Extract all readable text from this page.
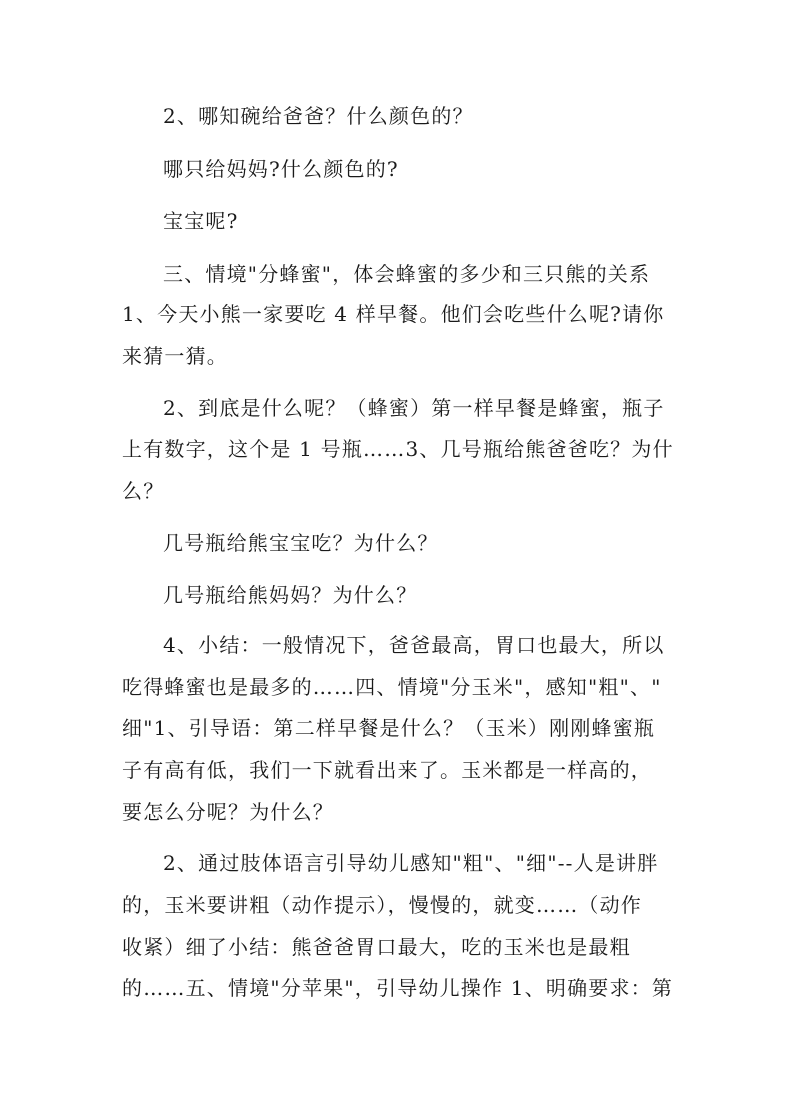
2、哪知碗给爸爸？什么颜色的？
哪只给妈妈?什么颜色的?
宝宝呢?
三、情境"分蜂蜜"，体会蜂蜜的多少和三只熊的关系
1、今天小熊一家要吃 4 样早餐。他们会吃些什么呢?请你
来猜一猜。
2、到底是什么呢？（蜂蜜）第一样早餐是蜂蜜，瓶子
上有数字，这个是 1 号瓶……3、几号瓶给熊爸爸吃？为什
么？
几号瓶给熊宝宝吃？为什么？
几号瓶给熊妈妈？为什么？
4、小结：一般情况下，爸爸最高，胃口也最大，所以
吃得蜂蜜也是最多的……四、情境"分玉米"，感知"粗"、"
细"1、引导语：第二样早餐是什么？（玉米）刚刚蜂蜜瓶
子有高有低，我们一下就看出来了。玉米都是一样高的，
要怎么分呢？为什么？
2、通过肢体语言引导幼儿感知"粗"、"细"--人是讲胖
的，玉米要讲粗（动作提示），慢慢的，就变……（动作
收紧）细了小结：熊爸爸胃口最大，吃的玉米也是最粗
的……五、情境"分苹果"，引导幼儿操作 1、明确要求：第
